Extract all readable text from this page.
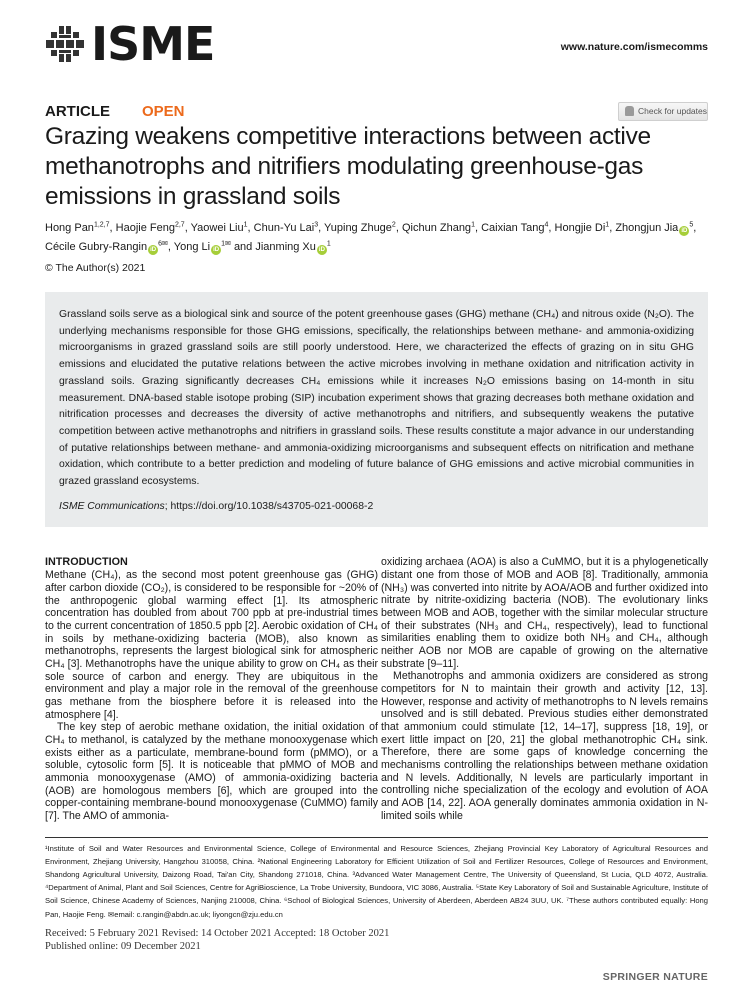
ISME	www.nature.com/ismecomms
ARTICLE	OPEN	Check for updates
Grazing weakens competitive interactions between active methanotrophs and nitrifiers modulating greenhouse-gas emissions in grassland soils
Hong Pan$^{1,2,7}$, Haojie Feng$^{2,7}$, Yaowei Liu$^1$, Chun-Yu Lai$^3$, Yuping Zhuge$^2$, Qichun Zhang$^1$, Caixian Tang$^4$, Hongjie Di$^1$, Zhongjun Jia $iD^5$, Cécile Gubry-Rangin $iD^{6✉}$, Yong Li $iD^{1✉}$ and Jianming Xu $iD^1$
© The Author(s) 2021

Grassland soils serve as a biological sink and source of the potent greenhouse gases (GHG) methane (CH₄) and nitrous oxide (N₂O). The underlying mechanisms responsible for those GHG emissions, specifically, the relationships between methane- and ammonia-oxidizing microorganisms in grazed grassland soils are still poorly understood. Here, we characterized the effects of grazing on in situ GHG emissions and elucidated the putative relations between the active microbes involving in methane oxidation and nitrification activity in grassland soils. Grazing significantly decreases CH₄ emissions while it increases N₂O emissions basing on 14-month in situ measurement. DNA-based stable isotope probing (SIP) incubation experiment shows that grazing decreases both methane oxidation and nitrification processes and decreases the diversity of active methanotrophs and nitrifiers, and subsequently weakens the putative competition between active methanotrophs and nitrifiers in grassland soils. These results constitute a major advance in our understanding of putative relationships between methane- and ammonia-oxidizing microorganisms and subsequent effects on nitrification and methane oxidation, which contribute to a better prediction and modeling of future balance of GHG emissions and active microbial communities in grazed grassland ecosystems.

ISME Communications; https://doi.org/10.1038/s43705-021-00068-2

INTRODUCTION

Methane (CH₄), as the second most potent greenhouse gas (GHG) after carbon dioxide (CO₂), is considered to be responsible for ~20% of the anthropogenic global warming effect [1]. Its atmospheric concentration has doubled from about 700 ppb at pre-industrial times to the current concentration of 1850.5 ppb [2]. Aerobic oxidation of CH₄ in soils by methane-oxidizing bacteria (MOB), also known as methanotrophs, represents the largest biological sink for atmospheric CH₄ [3]. Methanotrophs have the unique ability to grow on CH₄ as their sole source of carbon and energy. They are ubiquitous in the environment and play a major role in the removal of the greenhouse gas methane from the biosphere before it is released into the atmosphere [4].

The key step of aerobic methane oxidation, the initial oxidation of CH₄ to methanol, is catalyzed by the methane monooxygenase which exists either as a particulate, membrane-bound form (pMMO), or a soluble, cytosolic form [5]. It is noticeable that pMMO of MOB and ammonia monooxygenase (AMO) of ammonia-oxidizing bacteria (AOB) are homologous members [6], which are grouped into the copper-containing membrane-bound monooxygenase (CuMMO) family [7]. The AMO of ammonia-

oxidizing archaea (AOA) is also a CuMMO, but it is a phylogenetically distant one from those of MOB and AOB [8]. Traditionally, ammonia (NH₃) was converted into nitrite by AOA/AOB and further oxidized into nitrate by nitrite-oxidizing bacteria (NOB). The evolutionary links between MOB and AOB, together with the similar molecular structure of their substrates (NH₃ and CH₄, respectively), lead to functional similarities enabling them to oxidize both NH₃ and CH₄, although neither AOB nor MOB are capable of growing on the alternative substrate [9–11].

Methanotrophs and ammonia oxidizers are considered as strong competitors for N to maintain their growth and activity [12, 13]. However, response and activity of methanotrophs to N levels remains unsolved and is still debated. Previous studies either demonstrated that ammonium could stimulate [12, 14–17], suppress [18, 19], or exert little impact on [20, 21] the global methanotrophic CH₄ sink. Therefore, there are some gaps of knowledge concerning the mechanisms controlling the relationships between methane oxidation and N levels. Additionally, N levels are particularly important in controlling niche specialization of the ecology and evolution of AOA and AOB [14, 22]. AOA generally dominates ammonia oxidation in N-limited soils while

¹Institute of Soil and Water Resources and Environmental Science, College of Environmental and Resource Sciences, Zhejiang Provincial Key Laboratory of Agricultural Resources and Environment, Zhejiang University, Hangzhou 310058, China. ²National Engineering Laboratory for Efficient Utilization of Soil and Fertilizer Resources, College of Resources and Environment, Shandong Agricultural University, Daizong Road, Tai'an City, Shandong 271018, China. ³Advanced Water Management Centre, The University of Queensland, St Lucia, QLD 4072, Australia. ⁴Department of Animal, Plant and Soil Sciences, Centre for AgriBioscience, La Trobe University, Bundoora, VIC 3086, Australia. ⁵State Key Laboratory of Soil and Sustainable Agriculture, Institute of Soil Science, Chinese Academy of Sciences, Nanjing 210008, China. ⁶School of Biological Sciences, University of Aberdeen, Aberdeen AB24 3UU, UK. ⁷These authors contributed equally: Hong Pan, Haojie Feng. ✉email: c.rangin@abdn.ac.uk; liyongcn@zju.edu.cn
Received: 5 February 2021 Revised: 14 October 2021 Accepted: 18 October 2021
Published online: 09 December 2021
SPRINGER NATURE
